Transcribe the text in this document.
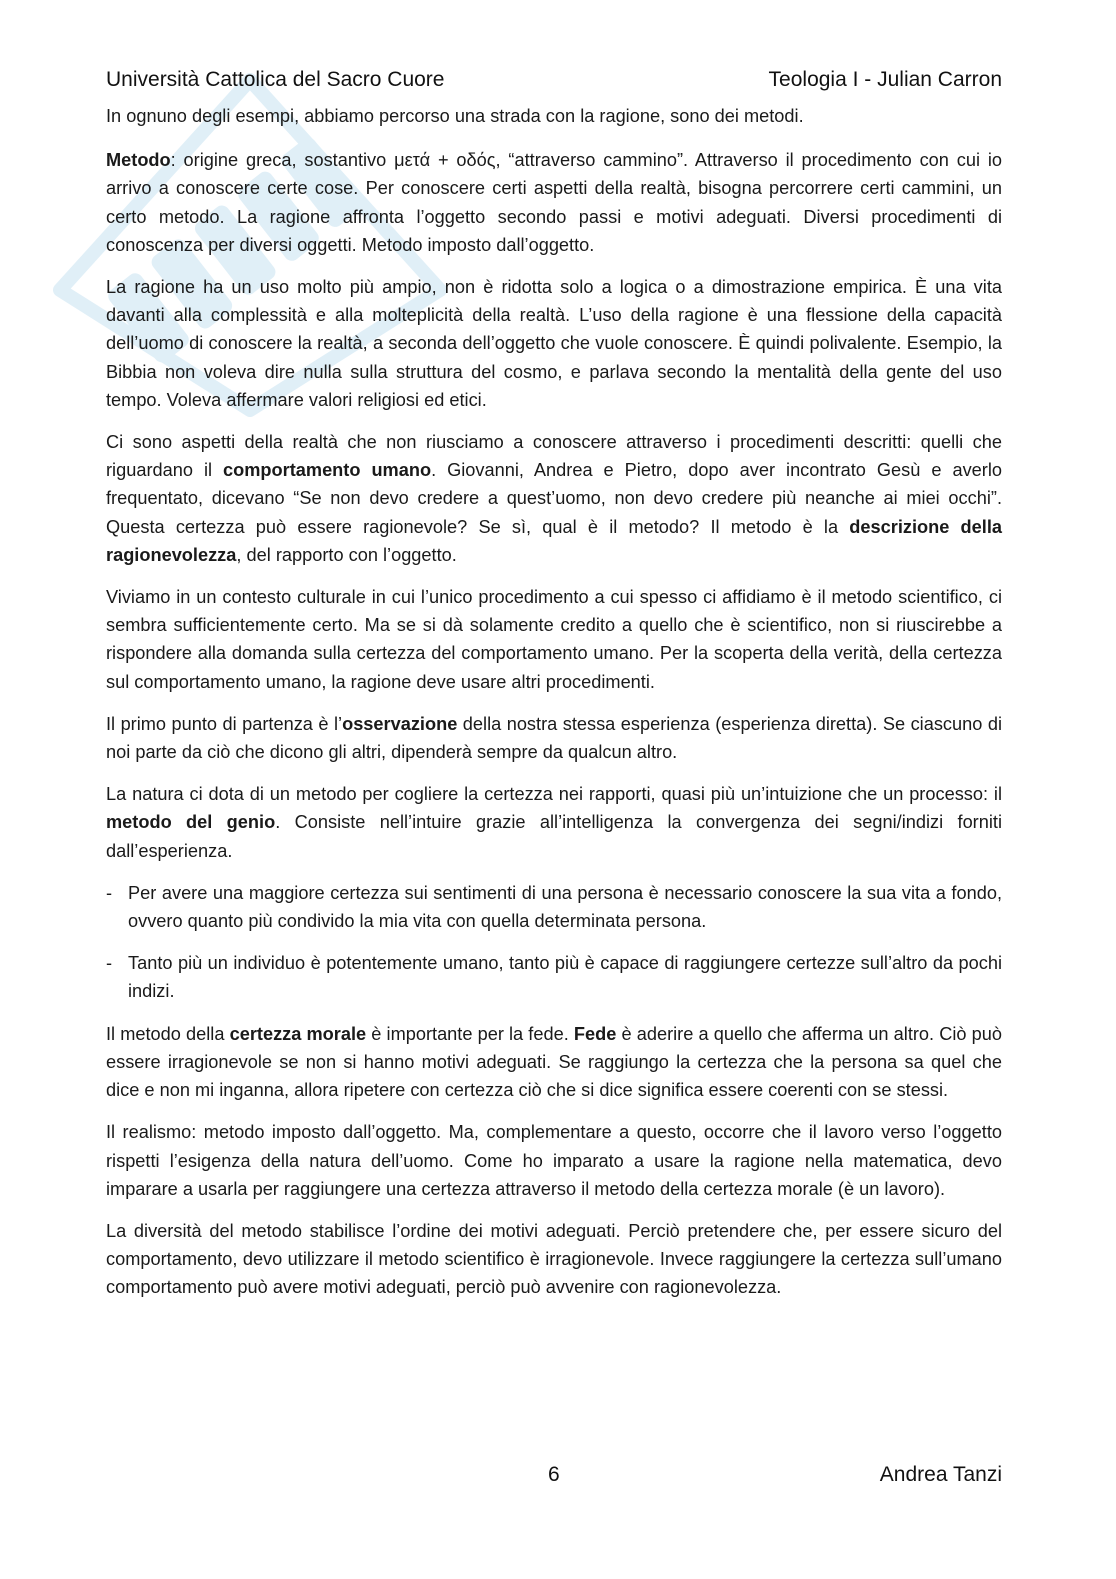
Università Cattolica del Sacro Cuore	Teologia I - Julian Carron

In ognuno degli esempi, abbiamo percorso una strada con la ragione, sono dei metodi.

Metodo: origine greca, sostantivo μετά + οδός, “attraverso cammino”. Attraverso il procedimento con cui io arrivo a conoscere certe cose. Per conoscere certi aspetti della realtà, bisogna percorrere certi cammini, un certo metodo. La ragione affronta l’oggetto secondo passi e motivi adeguati. Diversi procedimenti di conoscenza per diversi oggetti. Metodo imposto dall’oggetto.

La ragione ha un uso molto più ampio, non è ridotta solo a logica o a dimostrazione empirica. È una vita davanti alla complessità e alla molteplicità della realtà. L’uso della ragione è una flessione della capacità dell’uomo di conoscere la realtà, a seconda dell’oggetto che vuole conoscere. È quindi polivalente. Esempio, la Bibbia non voleva dire nulla sulla struttura del cosmo, e parlava secondo la mentalità della gente del uso tempo. Voleva affermare valori religiosi ed etici.

Ci sono aspetti della realtà che non riusciamo a conoscere attraverso i procedimenti descritti: quelli che riguardano il comportamento umano. Giovanni, Andrea e Pietro, dopo aver incontrato Gesù e averlo frequentato, dicevano “Se non devo credere a quest’uomo, non devo credere più neanche ai miei occhi”. Questa certezza può essere ragionevole? Se sì, qual è il metodo? Il metodo è la descrizione della ragionevolezza, del rapporto con l’oggetto.

Viviamo in un contesto culturale in cui l’unico procedimento a cui spesso ci affidiamo è il metodo scientifico, ci sembra sufficientemente certo. Ma se si dà solamente credito a quello che è scientifico, non si riuscirebbe a rispondere alla domanda sulla certezza del comportamento umano. Per la scoperta della verità, della certezza sul comportamento umano, la ragione deve usare altri procedimenti.

Il primo punto di partenza è l’osservazione della nostra stessa esperienza (esperienza diretta). Se ciascuno di noi parte da ciò che dicono gli altri, dipenderà sempre da qualcun altro.

La natura ci dota di un metodo per cogliere la certezza nei rapporti, quasi più un’intuizione che un processo: il metodo del genio. Consiste nell’intuire grazie all’intelligenza la convergenza dei segni/indizi forniti dall’esperienza.

- Per avere una maggiore certezza sui sentimenti di una persona è necessario conoscere la sua vita a fondo, ovvero quanto più condivido la mia vita con quella determinata persona.
- Tanto più un individuo è potentemente umano, tanto più è capace di raggiungere certezze sull’altro da pochi indizi.

Il metodo della certezza morale è importante per la fede. Fede è aderire a quello che afferma un altro. Ciò può essere irragionevole se non si hanno motivi adeguati. Se raggiungo la certezza che la persona sa quel che dice e non mi inganna, allora ripetere con certezza ciò che si dice significa essere coerenti con se stessi.

Il realismo: metodo imposto dall’oggetto. Ma, complementare a questo, occorre che il lavoro verso l’oggetto rispetti l’esigenza della natura dell’uomo. Come ho imparato a usare la ragione nella matematica, devo imparare a usarla per raggiungere una certezza attraverso il metodo della certezza morale (è un lavoro).

La diversità del metodo stabilisce l’ordine dei motivi adeguati. Perciò pretendere che, per essere sicuro del comportamento, devo utilizzare il metodo scientifico è irragionevole. Invece raggiungere la certezza sull’umano comportamento può avere motivi adeguati, perciò può avvenire con ragionevolezza.

6	Andrea Tanzi
